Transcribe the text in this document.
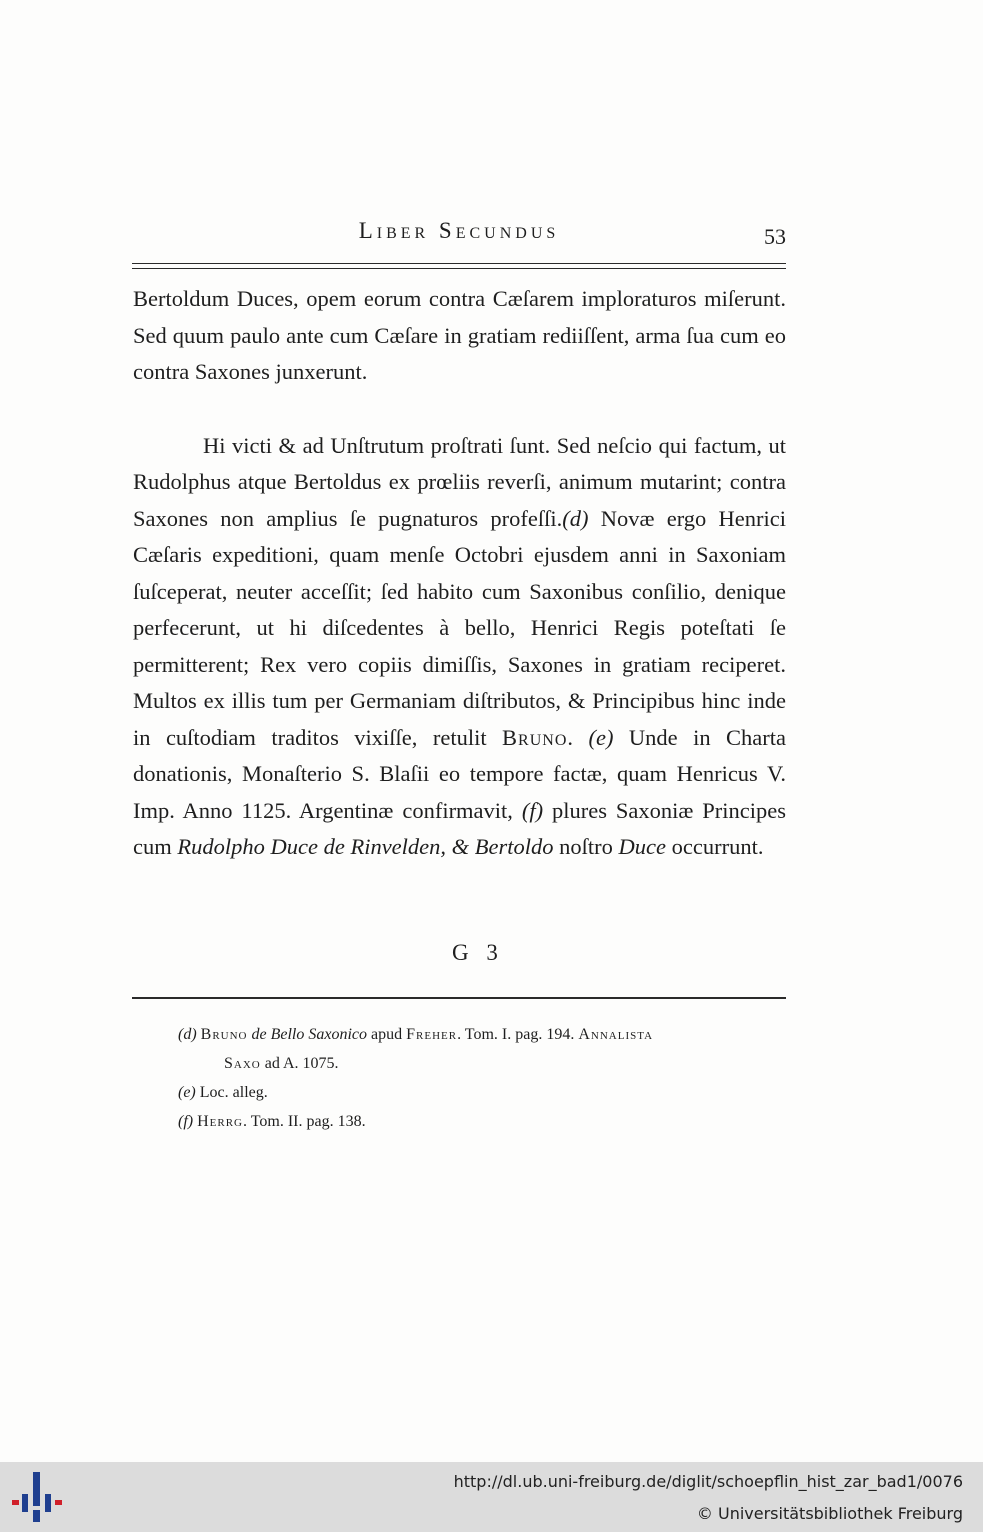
Liber Secundus	53

Bertoldum Duces, opem eorum contra Cæſarem imploraturos miſerunt. Sed quum paulo ante cum Cæſare in gratiam rediiſſent, arma ſua cum eo contra Saxones junxerunt.

Hi victi & ad Unſtrutum proſtrati ſunt. Sed neſcio qui factum, ut Rudolphus atque Bertoldus ex prœliis reverſi, animum mutarint; contra Saxones non amplius ſe pugnaturos profeſſi.(d) Novæ ergo Henrici Cæſaris expeditioni, quam menſe Octobri ejusdem anni in Saxoniam ſuſceperat, neuter acceſſit; ſed habito cum Saxonibus conſilio, denique perfecerunt, ut hi diſcedentes à bello, Henrici Regis poteſtati ſe permitterent; Rex vero copiis dimiſſis, Saxones in gratiam reciperet. Multos ex illis tum per Germaniam diſtributos, & Principibus hinc inde in cuſtodiam traditos vixiſſe, retulit Bruno. (e) Unde in Charta donationis, Monaſterio S. Blaſii eo tempore factæ, quam Henricus V. Imp. Anno 1125. Argentinæ confirmavit, (f) plures Saxoniæ Principes cum Rudolpho Duce de Rinvelden, & Bertoldo noſtro Duce occurrunt.

G 3

(d) Bruno de Bello Saxonico apud Freher. Tom. I. pag. 194. Annalista

Saxo ad A. 1075.

(e) Loc. alleg.

(f) Herrg. Tom. II. pag. 138.

http://dl.ub.uni-freiburg.de/diglit/schoepflin_hist_zar_bad1/0076
© Universitätsbibliothek Freiburg
